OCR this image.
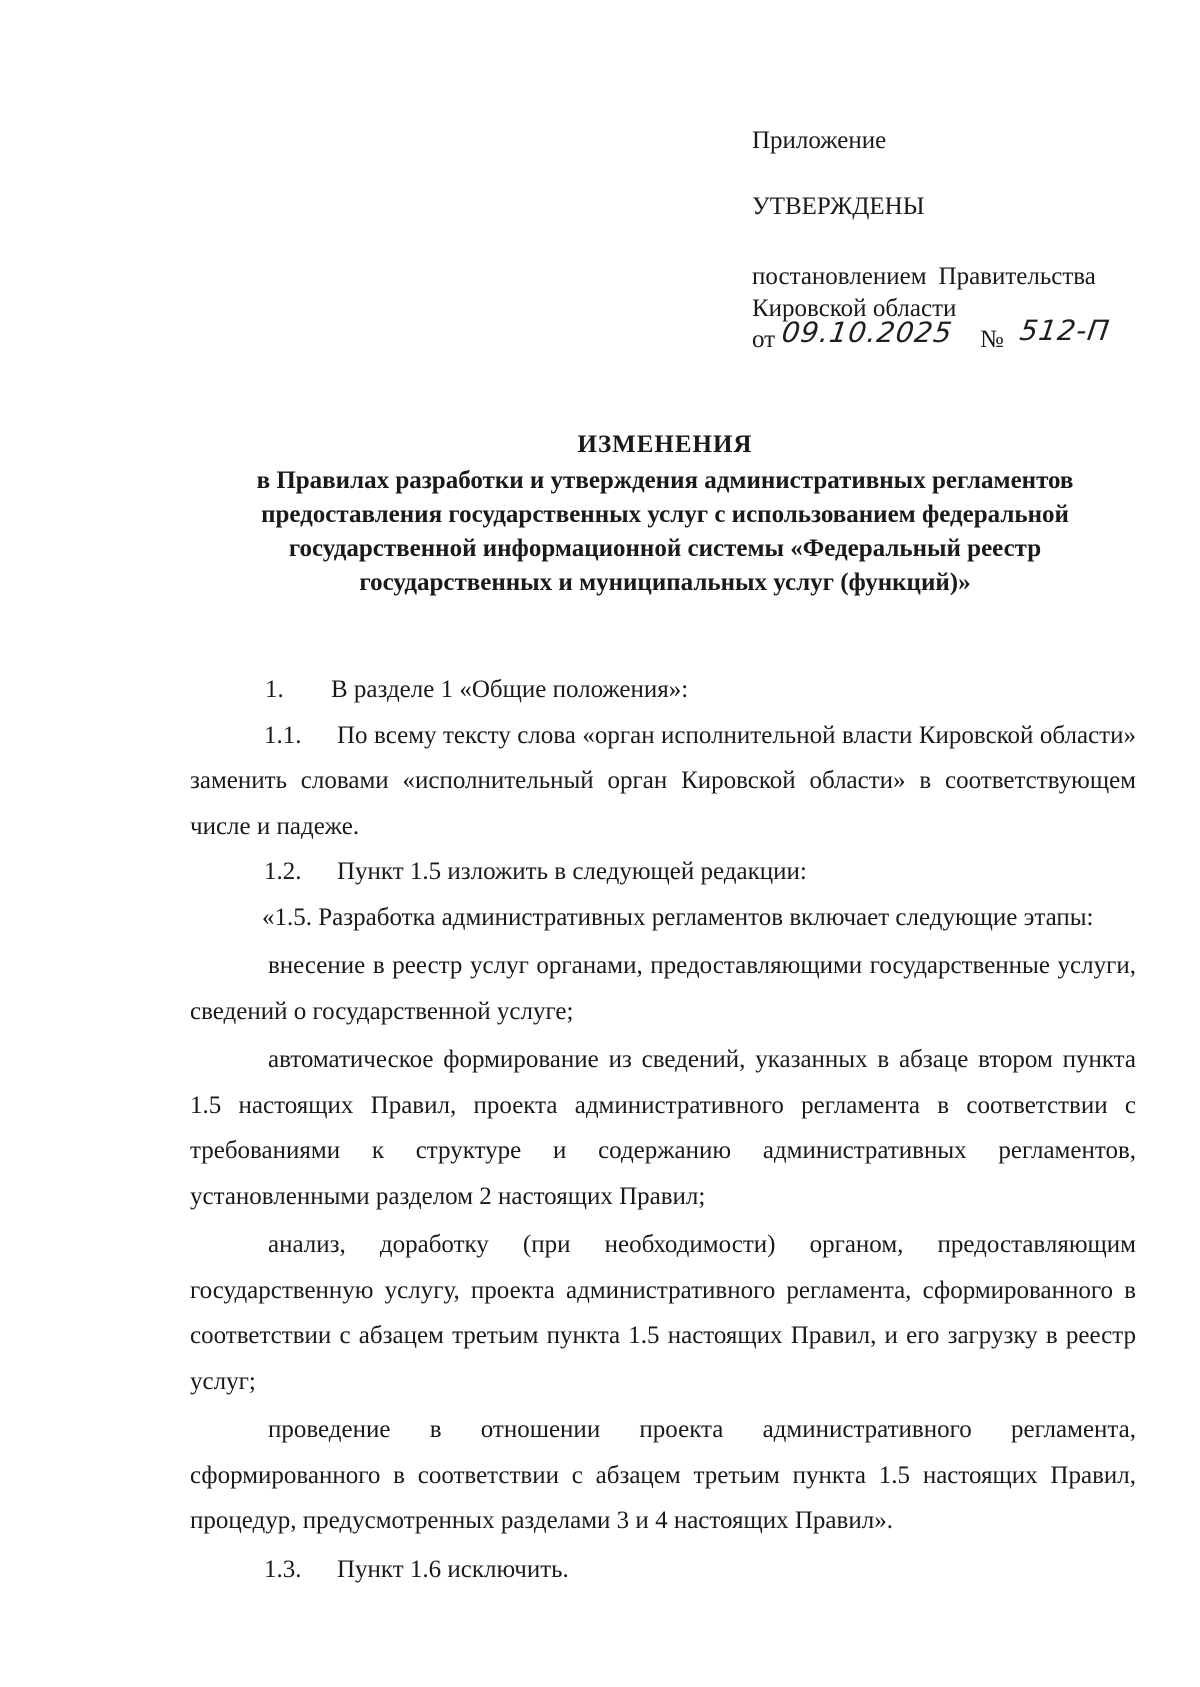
Приложение
УТВЕРЖДЕНЫ
постановлением Правительства
Кировской области
от 09.10.2025 № 512-П
ИЗМЕНЕНИЯ
в Правилах разработки и утверждения административных регламентов
предоставления государственных услуг с использованием федеральной
государственной информационной системы «Федеральный реестр
государственных и муниципальных услуг (функций)»

1. В разделе 1 «Общие положения»:

1.1. По всему тексту слова «орган исполнительной власти Кировской области» заменить словами «исполнительный орган Кировской области» в соответствующем числе и падеже.

1.2. Пункт 1.5 изложить в следующей редакции:

«1.5. Разработка административных регламентов включает следующие этапы:

внесение в реестр услуг органами, предоставляющими государственные услуги, сведений о государственной услуге;

автоматическое формирование из сведений, указанных в абзаце втором пункта 1.5 настоящих Правил, проекта административного регламента в соответствии с требованиями к структуре и содержанию административных регламентов, установленными разделом 2 настоящих Правил;

анализ, доработку (при необходимости) органом, предоставляющим государственную услугу, проекта административного регламента, сформированного в соответствии с абзацем третьим пункта 1.5 настоящих Правил, и его загрузку в реестр услуг;

проведение в отношении проекта административного регламента, сформированного в соответствии с абзацем третьим пункта 1.5 настоящих Правил, процедур, предусмотренных разделами 3 и 4 настоящих Правил».

1.3. Пункт 1.6 исключить.
